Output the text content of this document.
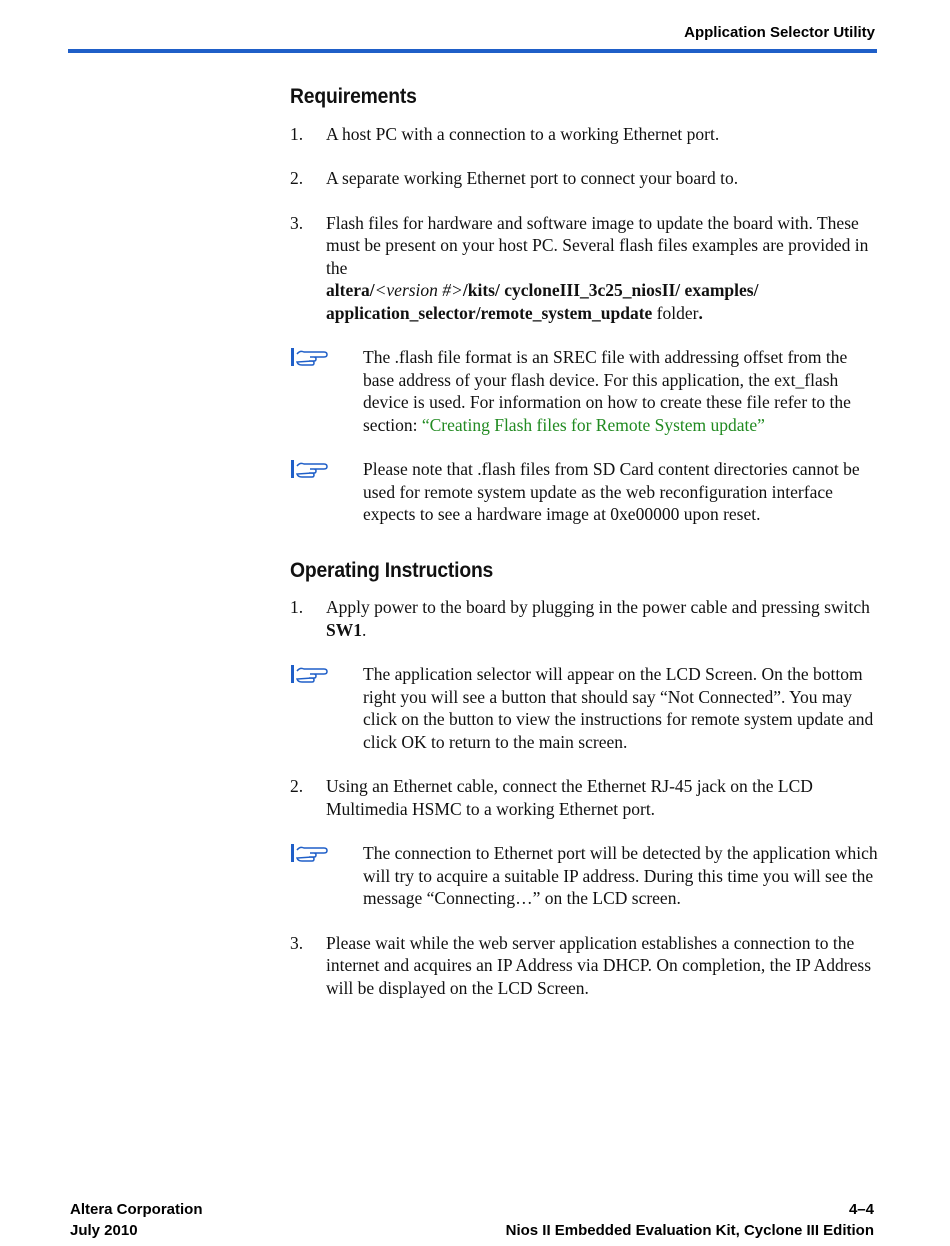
Application Selector Utility
Requirements
1.	A host PC with a connection to a working Ethernet port.
2.	A separate working Ethernet port to connect your board to.
3.	Flash files for hardware and software image to update the board with. These must be present on your host PC. Several flash files examples are provided in the
altera/<version #>/kits/ cycloneIII_3c25_niosII/ examples/ application_selector/remote_system_update folder.
The .flash file format is an SREC file with addressing offset from the base address of your flash device. For this application, the ext_flash device is used. For information on how to create these file refer to the section: “Creating Flash files for Remote System update”
Please note that .flash files from SD Card content directories cannot be used for remote system update as the web reconfiguration interface expects to see a hardware image at 0xe00000 upon reset.
Operating Instructions
1.	Apply power to the board by plugging in the power cable and pressing switch SW1.
The application selector will appear on the LCD Screen. On the bottom right you will see a button that should say “Not Connected”. You may click on the button to view the instructions for remote system update and click OK to return to the main screen.
2.	Using an Ethernet cable, connect the Ethernet RJ-45 jack on the LCD Multimedia HSMC to a working Ethernet port.
The connection to Ethernet port will be detected by the application which will try to acquire a suitable IP address. During this time you will see the message “Connecting…” on the LCD screen.
3.	Please wait while the web server application establishes a connection to the internet and acquires an IP Address via DHCP. On completion, the IP Address will be displayed on the LCD Screen.
Altera Corporation
July 2010
4–4
Nios II Embedded Evaluation Kit, Cyclone III Edition
